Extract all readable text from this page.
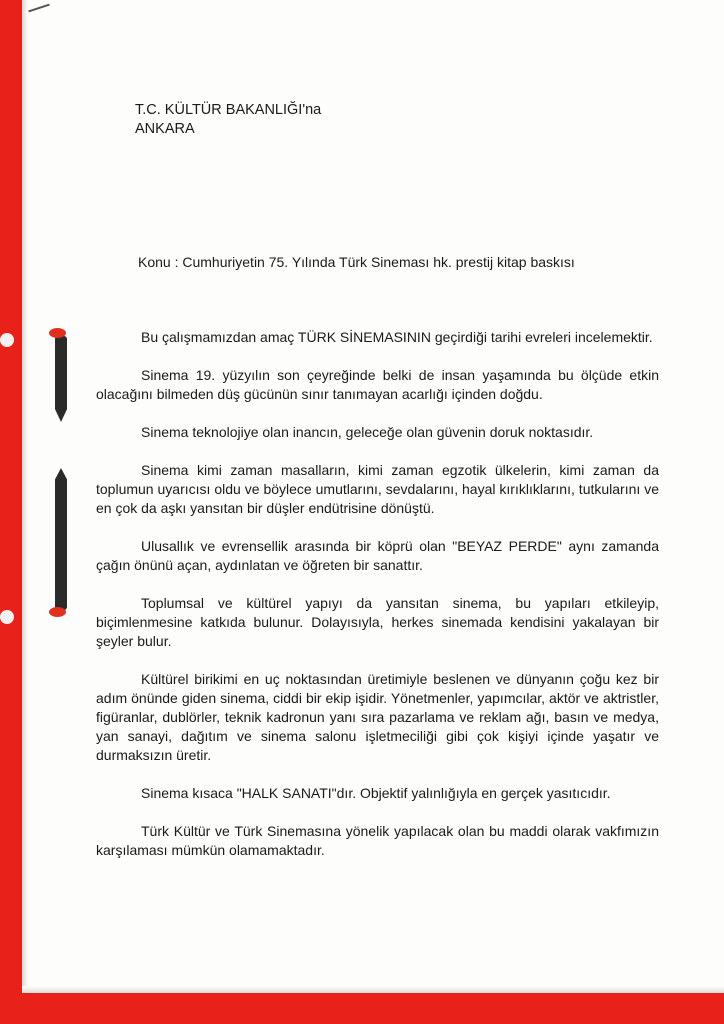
T.C. KÜLTÜR BAKANLIĞI'na
ANKARA
Konu : Cumhuriyetin 75. Yılında Türk Sineması hk. prestij kitap baskısı

Bu çalışmamızdan amaç TÜRK SİNEMASININ geçirdiği tarihi evreleri incelemektir.

Sinema 19. yüzyılın son çeyreğinde belki de insan yaşamında bu ölçüde etkin olacağını bilmeden düş gücünün sınır tanımayan acarlığı içinden doğdu.

Sinema teknolojiye olan inancın, geleceğe olan güvenin doruk noktasıdır.

Sinema kimi zaman masalların, kimi zaman egzotik ülkelerin, kimi zaman da toplumun uyarıcısı oldu ve böylece umutlarını, sevdalarını, hayal kırıklıklarını, tutkularını ve en çok da aşkı yansıtan bir düşler endütrisine dönüştü.

Ulusallık ve evrensellik arasında bir köprü olan "BEYAZ PERDE" aynı zamanda çağın önünü açan, aydınlatan ve öğreten bir sanattır.

Toplumsal ve kültürel yapıyı da yansıtan sinema, bu yapıları etkileyip, biçimlenmesine katkıda bulunur. Dolayısıyla, herkes sinemada kendisini yakalayan bir şeyler bulur.

Kültürel birikimi en uç noktasından üretimiyle beslenen ve dünyanın çoğu kez bir adım önünde giden sinema, ciddi bir ekip işidir. Yönetmenler, yapımcılar, aktör ve aktristler, figüranlar, dublörler, teknik kadronun yanı sıra pazarlama ve reklam ağı, basın ve medya, yan sanayi, dağıtım ve sinema salonu işletmeciliği gibi çok kişiyi içinde yaşatır ve durmaksızın üretir.

Sinema kısaca "HALK SANATI"dır. Objektif yalınlığıyla en gerçek yasıtıcıdır.

Türk Kültür ve Türk Sinemasına yönelik yapılacak olan bu maddi olarak vakfımızın karşılaması mümkün olamamaktadır.
